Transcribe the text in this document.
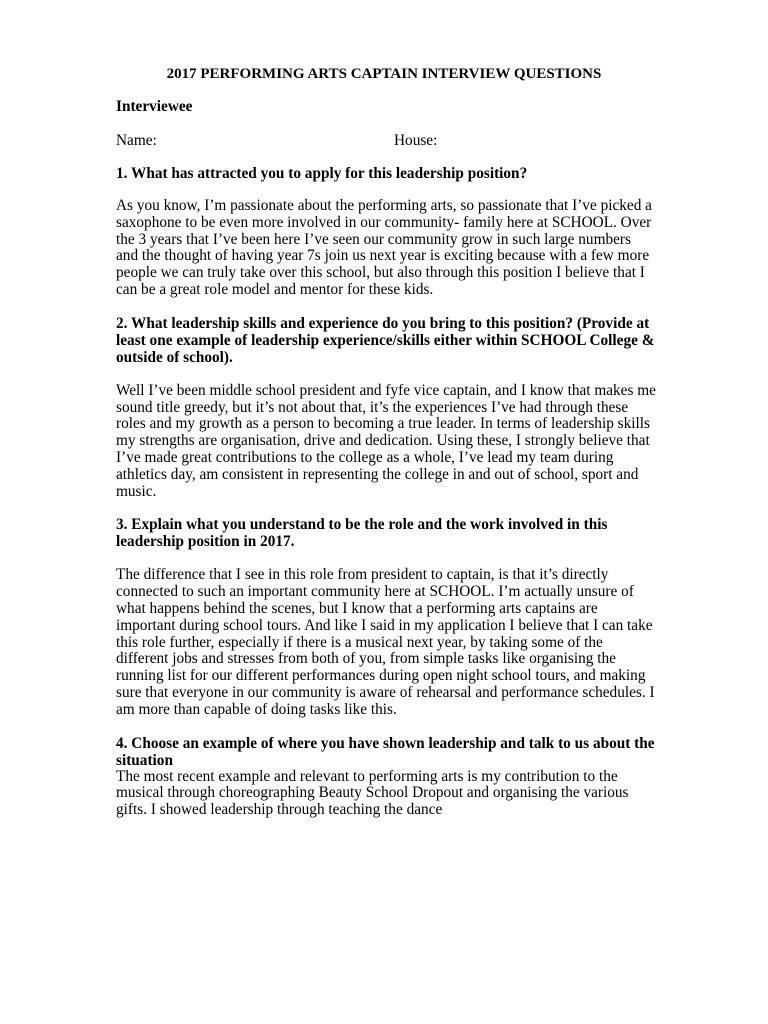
2017 PERFORMING ARTS CAPTAIN INTERVIEW QUESTIONS
Interviewee
Name:	House:
1. What has attracted you to apply for this leadership position?
As you know, I’m passionate about the performing arts, so passionate that I’ve picked a saxophone to be even more involved in our community- family here at SCHOOL. Over the 3 years that I’ve been here I’ve seen our community grow in such large numbers and the thought of having year 7s join us next year is exciting because with a few more people we can truly take over this school, but also through this position I believe that I can be a great role model and mentor for these kids.
2. What leadership skills and experience do you bring to this position? (Provide at least one example of leadership experience/skills either within SCHOOL College & outside of school).
Well I’ve been middle school president and fyfe vice captain, and I know that makes me sound title greedy, but it’s not about that, it’s the experiences I’ve had through these roles and my growth as a person to becoming a true leader. In terms of leadership skills my strengths are organisation, drive and dedication. Using these, I strongly believe that I’ve made great contributions to the college as a whole, I’ve lead my team during athletics day, am consistent in representing the college in and out of school, sport and music.
3. Explain what you understand to be the role and the work involved in this leadership position in 2017.
The difference that I see in this role from president to captain, is that it’s directly connected to such an important community here at SCHOOL. I’m actually unsure of what happens behind the scenes, but I know that a performing arts captains are important during school tours. And like I said in my application I believe that I can take this role further, especially if there is a musical next year, by taking some of the different jobs and stresses from both of you, from simple tasks like organising the running list for our different performances during open night school tours, and making sure that everyone in our community is aware of rehearsal and performance schedules. I am more than capable of doing tasks like this.
4. Choose an example of where you have shown leadership and talk to us about the situation
The most recent example and relevant to performing arts is my contribution to the musical through choreographing Beauty School Dropout and organising the various gifts. I showed leadership through teaching the dance
